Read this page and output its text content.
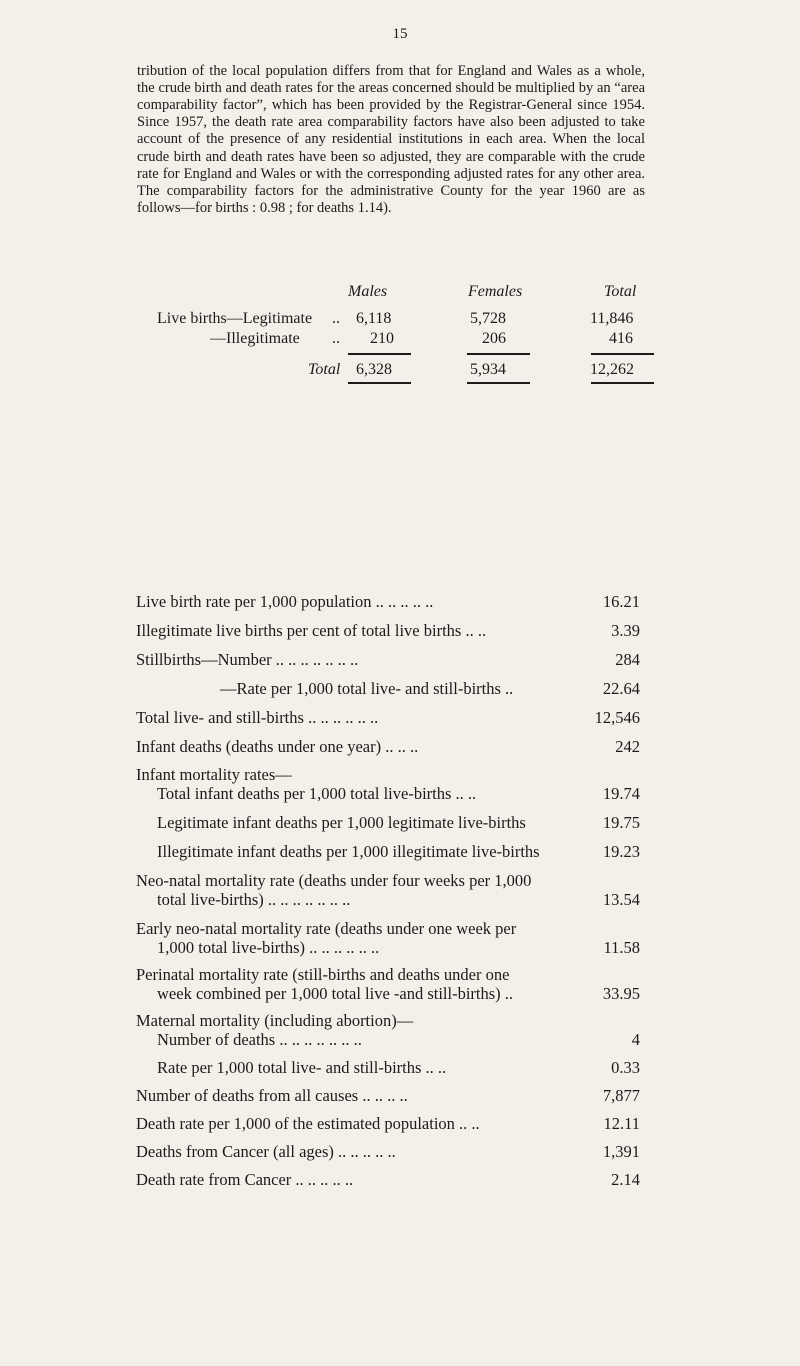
15

tribution of the local population differs from that for England and Wales as a whole, the crude birth and death rates for the areas concerned should be multiplied by an “area comparability factor”, which has been provided by the Registrar-General since 1954. Since 1957, the death rate area comparability factors have also been adjusted to take account of the presence of any residential institutions in each area. When the local crude birth and death rates have been so adjusted, they are comparable with the crude rate for England and Wales or with the corresponding adjusted rates for any other area. The comparability factors for the administrative County for the year 1960 are as follows—for births : 0.98 ; for deaths 1.14).

Males	Females	Total
Live births—Legitimate .. 6,118	5,728	11,846
—Illegitimate .. 210	206	416
Total 6,328	5,934	12,262
Live birth rate per 1,000 population .. .. .. .. ..	16.21
Illegitimate live births per cent of total live births .. ..	3.39
Stillbirths—Number .. .. .. .. .. .. ..	284
—Rate per 1,000 total live- and still-births ..	22.64
Total live- and still-births .. .. .. .. .. ..	12,546
Infant deaths (deaths under one year) .. .. ..	242
Infant mortality rates—
Total infant deaths per 1,000 total live-births .. ..	19.74
Legitimate infant deaths per 1,000 legitimate live-births	19.75
Illegitimate infant deaths per 1,000 illegitimate live-births	19.23
Neo-natal mortality rate (deaths under four weeks per 1,000
total live-births) .. .. .. .. .. .. ..	13.54
Early neo-natal mortality rate (deaths under one week per
1,000 total live-births) .. .. .. .. .. ..	11.58
Perinatal mortality rate (still-births and deaths under one
week combined per 1,000 total live -and still-births) ..	33.95
Maternal mortality (including abortion)—
Number of deaths .. .. .. .. .. .. ..	4
Rate per 1,000 total live- and still-births .. ..	0.33
Number of deaths from all causes .. .. .. ..	7,877
Death rate per 1,000 of the estimated population .. ..	12.11
Deaths from Cancer (all ages) .. .. .. .. ..	1,391
Death rate from Cancer .. .. .. .. ..	2.14
